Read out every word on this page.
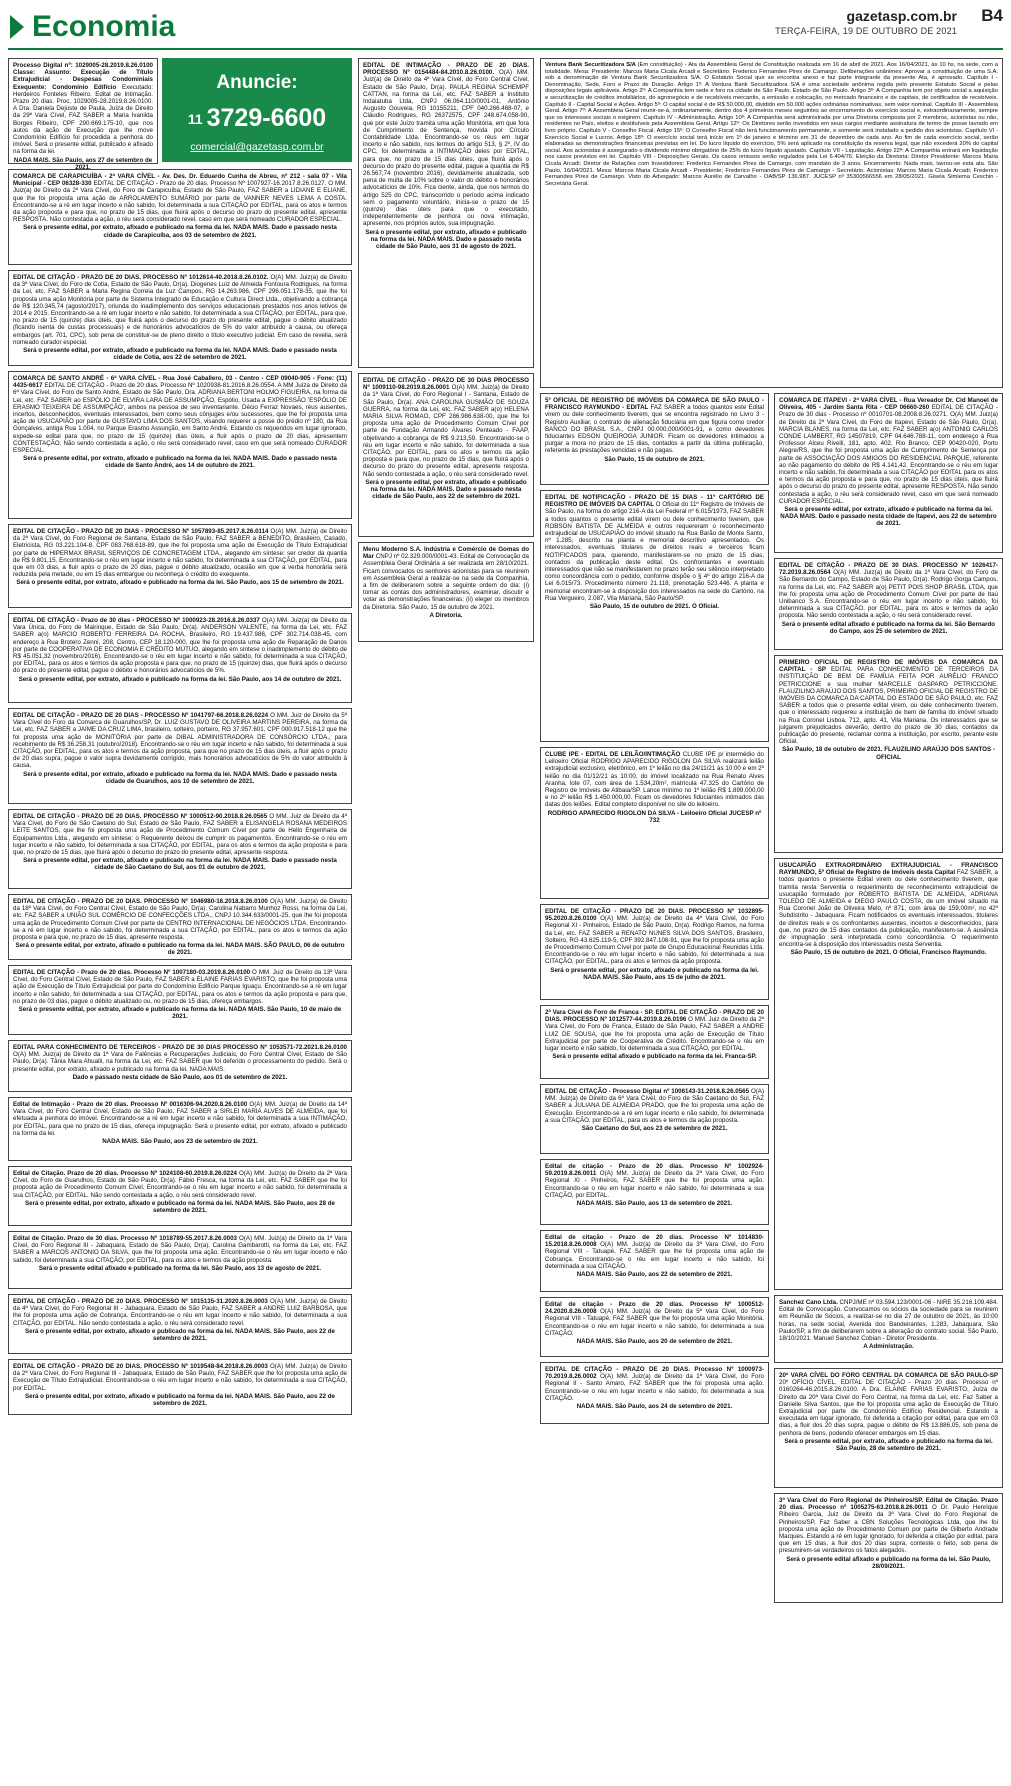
Economia	gazetasp.com.br
TERÇA-FEIRA, 19 DE OUTUBRO DE 2021
B4
Processo Digital nº: 1029005-28.2019.8.26.0100 Classe: Assunto: Execução de Título Extrajudicial - Despesas Condominiais Exequente: Condomínio Edifício Executado: Herdeiros Fonteles Ribeiro. Edital de Intimação. Prazo 20 dias. Proc. 1029005-28.2019.8.26.0100. A Dra. Daniela Dejuste de Paula, Juíza de Direito da 29ª Vara Cível, FAZ SABER a Maria Ivanilda Borges Ribeiro, CPF 290.669.175-10, que nos autos da ação de Execução que lhe move Condomínio Edifício foi procedida a penhora do imóvel. Será o presente edital, publicado e afixado na forma da lei.
NADA MAIS. São Paulo, aos 27 de setembro de 2021.
Anuncie:
11 3729-6600
comercial@gazetasp.com.br
COMARCA DE CARAPICUÍBA - 2ª VARA CÍVEL - Av. Des. Dr. Eduardo Cunha de Abreu, nº 212 - sala 07 - Vila Municipal - CEP 06328-330 EDITAL DE CITAÇÃO - Prazo de 20 dias. Processo Nº 1007927-16.2017.8.26.0127. O MM. Juiz(a) de Direito da 2ª Vara Cível, do Foro de Carapicuíba, Estado de São Paulo, FAZ SABER a LIDIANE E ELIANE, que lhe foi proposta uma ação de ARROLAMENTO SUMÁRIO por parte de VANNER NEVES LEMA A COSTA. Encontrando-se a ré em lugar incerto e não sabido, foi determinada a sua CITAÇÃO por EDITAL, para os atos e termos da ação proposta e para que, no prazo de 15 dias, que fluirá após o decurso do prazo do presente edital, apresente RESPOSTA. Não contestada a ação, o réu será considerado revel, caso em que será nomeado CURADOR ESPECIAL.
Será o presente edital, por extrato, afixado e publicado na forma da lei. NADA MAIS. Dado e passado nesta cidade de Carapicuíba, aos 03 de setembro de 2021.
EDITAL DE CITAÇÃO - PRAZO DE 20 DIAS. PROCESSO Nº 1012614-40.2018.8.26.0102. O(A) MM. Juiz(a) de Direito da 3ª Vara Cível, do Foro de Cotia, Estado de São Paulo, Dr(a). Diogenes Luiz de Almeida Fontoura Rodrigues, na forma da Lei, etc. FAZ SABER a Maria Regina Correia da Luz Campos, RG 14.263.986, CPF 296.051.178-35, que lhe foi proposta uma ação Monitória por parte de Sistema Integrado de Educação e Cultura Direct Ltda., objetivando a cobrança de R$ 120.345,74 (agosto/2017), oriunda do inadimplemento dos serviços educacionais prestados nos anos letivos de 2014 e 2015. Encontrando-se a ré em lugar incerto e não sabido, foi determinada a sua CITAÇÃO, por EDITAL, para que, no prazo de 15 (quinze) dias úteis, que fluirá após o decurso do prazo do presente edital, pague o débito atualizado (ficando isenta de custas processuais) e de honorários advocatícios de 5% do valor atribuído à causa, ou ofereça embargos (art. 701, CPC), sob pena de constituir-se de pleno direito o título executivo judicial. Em caso de revelia, será nomeado curador especial.
Será o presente edital, por extrato, afixado e publicado na forma da lei. NADA MAIS. Dado e passado nesta cidade de Cotia, aos 22 de setembro de 2021.
COMARCA DE SANTO ANDRÉ - 6ª VARA CÍVEL - Rua José Caballero, 03 - Centro - CEP 09040-905 - Fone: (11) 4435-6617 EDITAL DE CITAÇÃO - Prazo de 20 dias. Processo Nº 1020938-81.2016.8.26.0554. A MM Juíza de Direito da 6ª Vara Cível, do Foro de Santo André, Estado de São Paulo, Dra. ADRIANA BERTONI HOLMO FIGUEIRA, na forma da Lei, etc. FAZ SABER ao ESPÓLIO DE ELVIRA LARA DE ASSUMPÇÃO, Espólio, Usada a EXPRESSÃO 'ESPÓLIO DE ERASMO TEIXEIRA DE ASSUMPÇÃO', ambos na pessoa de seu inventariante. Décio Ferraz Novaes, réus ausentes, incertos, desconhecidos, eventuais interessados, bem como seus cônjuges e/ou sucessores, que lhe foi proposta uma ação de USUCAPIÃO por parte de GUSTAVO LIMA DOS SANTOS, visando requerer a posse do prédio nº 180, da Rua Gonçalves, antiga Rua 1.004, no Parque Erasmo Assunção, em Santo André. Estando os requeridos em lugar ignorado, expede-se edital para que, no prazo de 15 (quinze) dias úteis, a fluir após o prazo de 20 dias, apresentem CONTESTAÇÃO. Não sendo contestada a ação, o réu será considerado revel, caso em que será nomeado CURADOR ESPECIAL.
Será o presente edital, por extrato, afixado e publicado na forma da lei. NADA MAIS. Dado e passado nesta cidade de Santo André, aos 14 de outubro de 2021.
EDITAL DE CITAÇÃO - PRAZO DE 20 DIAS - PROCESSO Nº 1057893-85.2017.8.26.0114 O(A) MM. Juiz(a) de Direito da 2ª Vara Cível, do Foro Regional de Santana, Estado de São Paulo, FAZ SABER a BENEDITO, Brasileiro, Casado, Eletricista, RG 03.221.104-8, CPF 083.768.618-89, que lhe foi proposta uma ação de Execução de Título Extrajudicial por parte de HIPERMAX BRASIL SERVIÇOS DE CONCRETAGEM LTDA., alegando em síntese: ser credor da quantia de R$ 9.801,15. Encontrando-se o réu em lugar incerto e não sabido, foi determinada a sua CITAÇÃO, por EDITAL, para que em 03 dias, a fluir após o prazo de 20 dias, pague o débito atualizado, ocasião em que a verba honorária será reduzida pela metade, ou em 15 dias embargue ou reconheça o crédito do exequente.
Será o presente edital, por extrato, afixado e publicado na forma da lei. São Paulo, aos 15 de setembro de 2021.
EDITAL DE CITAÇÃO - Prazo de 30 dias - PROCESSO Nº 1000923-28.2016.8.26.0337 O(A) MM. Juiz(a) de Direito da Vara Única, do Foro de Mairinque, Estado de São Paulo, Dr(a). ANDERSON VALENTE, na forma da Lei, etc. FAZ SABER a(o) MARCIO ROBERTO FERREIRA DA ROCHA, Brasileiro, RG 19.437.986, CPF 302.714.038-45, com endereço à Rua Brotero Zenni, 208, Centro, CEP 18.120-000, que lhe foi proposta uma ação de Reparação de Danos por parte de COOPERATIVA DE ECONOMIA E CRÉDITO MÚTUO, alegando em síntese o inadimplemento do débito de R$ 45.051,32 (novembro/2016). Encontrando-se o réu em lugar incerto e não sabido, foi determinada a sua CITAÇÃO, por EDITAL, para os atos e termos da ação proposta e para que, no prazo de 15 (quinze) dias, que fluirá após o decurso do prazo do presente edital, pague o débito e honorários advocatícios de 5%.
Será o presente edital, por extrato, afixado e publicado na forma da lei. São Paulo, aos 14 de outubro de 2021.
EDITAL DE CITAÇÃO - PRAZO DE 20 DIAS - PROCESSO Nº 1041797-66.2018.8.26.0224 O MM. Juiz de Direito da 5ª Vara Cível do Foro da Comarca de Guarulhos/SP, Dr. LUIZ GUSTAVO DE OLIVEIRA MARTINS PEREIRA, na forma da Lei, etc. FAZ SABER a JAIME DA CRUZ LIMA, brasileiro, solteiro, porteiro, RG 37.957.601, CPF 000.917.518-12 que lhe foi proposta uma ação de MONITÓRIA por parte de DIBAL ADMINISTRADORA DE CONSÓRCIO LTDA., para recebimento de R$ 36.258,31 (outubro/2018). Encontrando-se o réu em lugar incerto e não sabido, foi determinada a sua CITAÇÃO, por EDITAL, para os atos e termos da ação proposta, para que no prazo de 15 dias úteis, a fluir após o prazo de 20 dias supra, pague o valor supra devidamente corrigido, mais honorários advocatícios de 5% do valor atribuído à causa.
Será o presente edital, por extrato, afixado e publicado na forma da lei. NADA MAIS. Dado e passado nesta cidade de Guarulhos, aos 10 de setembro de 2021.
EDITAL DE CITAÇÃO - PRAZO DE 20 DIAS. PROCESSO Nº 1000512-90.2018.8.26.0565 O MM. Juiz de Direito da 4ª Vara Cível, do Foro de São Caetano do Sul, Estado de São Paulo, FAZ SABER a ELISANGELA ROSANA MEDEIROS LEITE SANTOS, que lhe foi proposta uma ação de Procedimento Comum Cível por parte de Hello Engenharia de Equipamentos Ltda., alegando em síntese: o Requerente deixou de cumprir os pagamentos. Encontrando-se o réu em lugar incerto e não sabido, foi determinada a sua CITAÇÃO, por EDITAL, para os atos e termos da ação proposta e para que, no prazo de 15 dias, que fluirá após o decurso do prazo do presente edital, apresente resposta.
Será o presente edital, por extrato, afixado e publicado na forma da lei. NADA MAIS. Dado e passado nesta cidade de São Caetano do Sul, aos 01 de outubro de 2021.
EDITAL DE CITAÇÃO - PRAZO DE 20 DIAS. PROCESSO Nº 1046980-16.2018.8.26.0100 O(A) MM. Juiz(a) de Direito da 18ª Vara Cível, do Foro Central Cível, Estado de São Paulo, Dr(a). Carolina Nabarro Munhoz Rossi, na forma da Lei, etc. FAZ SABER a UNIÃO SUL COMÉRCIO DE CONFECÇÕES LTDA., CNPJ 10.344.633/0001-25, que lhe foi proposta uma ação de Procedimento Comum Cível por parte de CENTRO INTERNACIONAL DE NEGÓCIOS LTDA. Encontrando-se a ré em lugar incerto e não sabido, foi determinada a sua CITAÇÃO, por EDITAL, para os atos e termos da ação proposta e para que, no prazo de 15 dias, apresente resposta.
Será o presente edital, por extrato, afixado e publicado na forma da lei. NADA MAIS. SÃO PAULO, 06 de outubro de 2021.
EDITAL DE CITAÇÃO - Prazo de 20 dias. Processo Nº 1007180-03.2019.8.26.0100 O MM. Juiz de Direito da 13ª Vara Cível, do Foro Central Cível, Estado de São Paulo, FAZ SABER a ELAINE FARIAS EVARISTO, que lhe foi proposta uma ação de Execução de Título Extrajudicial por parte do Condomínio Edifício Parque Iguaçu. Encontrando-se a ré em lugar incerto e não sabido, foi determinada a sua CITAÇÃO, por EDITAL, para os atos e termos da ação proposta e para que, no prazo de 03 dias, pague o débito atualizado ou, no prazo de 15 dias, ofereça embargos.
Será o presente edital, por extrato, afixado e publicado na forma da lei. NADA MAIS. São Paulo, 10 de maio de 2021.
EDITAL PARA CONHECIMENTO DE TERCEIROS - PRAZO DE 30 DIAS PROCESSO Nº 1053571-72.2021.8.26.0100 O(A) MM. Juiz(a) de Direito da 1ª Vara de Falências e Recuperações Judiciais, do Foro Central Cível, Estado de São Paulo, Dr(a). Tânia Mara Ahualli, na forma da Lei, etc. FAZ SABER que foi deferido o processamento do pedido. Será o presente edital, por extrato, afixado e publicado na forma da lei. NADA MAIS.
Dado e passado nesta cidade de São Paulo, aos 01 de setembro de 2021.
Edital de Intimação - Prazo de 20 dias. Processo Nº 0016306-94.2020.8.26.0100 O(A) MM. Juiz(a) de Direito da 14ª Vara Cível, do Foro Central Cível, Estado de São Paulo, FAZ SABER a SIRLEI MARIA ALVES DE ALMEIDA, que foi efetuada a penhora do imóvel. Encontrando-se a ré em lugar incerto e não sabido, foi determinada a sua INTIMAÇÃO, por EDITAL, para que no prazo de 15 dias, ofereça impugnação. Será o presente edital, por extrato, afixado e publicado na forma da lei.
NADA MAIS. São Paulo, aos 23 de setembro de 2021.
Edital de Citação. Prazo de 20 dias. Processo Nº 1024108-60.2019.8.26.0224 O(A) MM. Juiz(a) de Direito da 2ª Vara Cível, do Foro de Guarulhos, Estado de São Paulo, Dr(a). Fábio Fresca, na forma da Lei, etc. FAZ SABER que lhe foi proposta ação de Procedimento Comum Cível. Encontrando-se o réu em lugar incerto e não sabido, foi determinada a sua CITAÇÃO, por EDITAL. Não sendo contestada a ação, o réu será considerado revel.
Será o presente edital, por extrato, afixado e publicado na forma da lei. NADA MAIS. São Paulo, aos 28 de setembro de 2021.
Edital de Citação. Prazo de 30 dias. Processo Nº 1018789-55.2017.8.26.0003 O(A) MM. Juiz(a) de Direito da 1ª Vara Cível, do Foro Regional III - Jabaquara, Estado de São Paulo, Dr(a). Carolina Gambarotti, na forma da Lei, etc. FAZ SABER a MARCOS ANTONIO DA SILVA, que lhe foi proposta uma ação. Encontrando-se o réu em lugar incerto e não sabido, foi determinada a sua CITAÇÃO, por EDITAL, para os atos e termos da ação proposta.
Será o presente edital afixado e publicado na forma da lei. São Paulo, aos 13 de agosto de 2021.
EDITAL DE CITAÇÃO - PRAZO DE 20 DIAS. PROCESSO Nº 1015135-31.2020.8.26.0003 O(A) MM. Juiz(a) de Direito da 4ª Vara Cível, do Foro Regional III - Jabaquara, Estado de São Paulo, FAZ SABER a ANDRE LUIZ BARBOSA, que lhe foi proposta uma ação de Cobrança. Encontrando-se o réu em lugar incerto e não sabido, foi determinada a sua CITAÇÃO, por EDITAL. Não sendo contestada a ação, o réu será considerado revel.
Será o presente edital, por extrato, afixado e publicado na forma da lei. NADA MAIS. São Paulo, aos 22 de setembro de 2021.
EDITAL DE CITAÇÃO - PRAZO DE 20 DIAS. PROCESSO Nº 1019548-84.2018.8.26.0003 O(A) MM. Juiz(a) de Direito da 2ª Vara Cível, do Foro Regional III - Jabaquara, Estado de São Paulo, FAZ SABER que lhe foi proposta uma ação de Execução de Título Extrajudicial. Encontrando-se o réu em lugar incerto e não sabido, foi determinada a sua CITAÇÃO, por EDITAL.
Será o presente edital, por extrato, afixado e publicado na forma da lei. NADA MAIS. São Paulo, aos 22 de setembro de 2021.
EDITAL DE INTIMAÇÃO - PRAZO DE 20 DIAS. PROCESSO Nº 0154484-84.2010.8.26.0100. O(A) MM. Juiz(a) de Direito da 4ª Vara Cível, do Foro Central Cível, Estado de São Paulo, Dr(a). PAULA REGINA SCHEMPF CATTAN, na forma da Lei, etc. FAZ SABER a Instituto Indaiatuba Ltda, CNPJ 06.064.110/0001-01, Antônio Augusto Gouveia, RG 10155211, CPF 040.266.468-07, e Cláudio Rodrigues, RG 26372575, CPF 248.674.058-90, que por este Juízo tramita uma ação Monitória, em que fora de Cumprimento de Sentença, movida por Círculo Contabilidade Ltda. Encontrando-se os réus em lugar incerto e não sabido, nos termos do artigo 513, § 2º, IV do CPC, foi determinada a INTIMAÇÃO deles por EDITAL, para que, no prazo de 15 dias úteis, que fluirá após o decurso do prazo do presente edital, pague a quantia de R$ 26.567,74 (novembro 2016), devidamente atualizada, sob pena de multa de 10% sobre o valor do débito e honorários advocatícios de 10%. Fica ciente, ainda, que nos termos do artigo 525 do CPC, transcorrido o período acima indicado sem o pagamento voluntário, inicia-se o prazo de 15 (quinze) dias úteis para que o executado, independentemente de penhora ou nova intimação, apresente, nos próprios autos, sua impugnação.
Será o presente edital, por extrato, afixado e publicado na forma da lei. NADA MAIS. Dado e passado nesta cidade de São Paulo, aos 31 de agosto de 2021.
EDITAL DE CITAÇÃO - PRAZO DE 30 DIAS PROCESSO Nº 1009110-98.2019.8.26.0001 O(A) MM. Juiz(a) de Direito da 1ª Vara Cível, do Foro Regional I - Santana, Estado de São Paulo, Dr(a). ANA CAROLINA GUSMÃO DE SOUZA GUERRA, na forma da Lei, etc. FAZ SABER a(o) HELENA MARIA SILVA ROMAO, CPF 286.986.638-00, que lhe foi proposta uma ação de Procedimento Comum Cível por parte de Fundação Armando Álvares Penteado - FAAP, objetivando a cobrança de R$ 9.213,59. Encontrando-se o réu em lugar incerto e não sabido, foi determinada a sua CITAÇÃO, por EDITAL, para os atos e termos da ação proposta e para que, no prazo de 15 dias, que fluirá após o decurso do prazo do presente edital, apresente resposta. Não sendo contestada a ação, o réu será considerado revel.
Será o presente edital, por extrato, afixado e publicado na forma da lei. NADA MAIS. Dado e passado nesta cidade de São Paulo, aos 22 de setembro de 2021.
Menu Moderno S.A. Indústria e Comércio de Gomas do Mar CNPJ nº 02.329.000/0001-43. Edital de Convocação da Assembleia Geral Ordinária a ser realizada em 28/10/2021. Ficam convocados os senhores acionistas para se reunirem em Assembleia Geral a realizar-se na sede da Companhia, a fim de deliberarem sobre a seguinte ordem do dia: (i) tomar as contas dos administradores, examinar, discutir e votar as demonstrações financeiras; (ii) eleger os membros da Diretoria. São Paulo, 15 de outubro de 2021.
A Diretoria.
Ventura Bank Securitizadora S/A (Em constituição) - Ata da Assembleia Geral de Constituição realizada em 16 de abril de 2021. Aos 16/04/2021, às 10 hs, na sede, com a totalidade. Mesa: Presidente: Marcos Maria Cicala Arcadi e Secretário: Frederico Fernandes Pires de Camargo. Deliberações unânimes: Aprovar a constituição de uma S.A. sob a denominação de Ventura Bank Securitizadora S/A. O Estatuto Social que se encontra anexo e faz parte integrante da presente Ata, é aprovado. Capítulo I - Denominação, Sede, Foro e Prazo de Duração. Artigo 1º: A Ventura Bank Securitizadora S/A é uma sociedade anônima regida pelo presente Estatuto Social e pelas disposições legais aplicáveis. Artigo 2º: A Companhia tem sede e foro na cidade de São Paulo, Estado de São Paulo. Artigo 3º: A Companhia tem por objeto social a aquisição e securitização de créditos imobiliários, do agronegócio e de recebíveis mercantis, a emissão e colocação, no mercado financeiro e de capitais, de certificados de recebíveis. Capítulo II - Capital Social e Ações. Artigo 5º: O capital social é de R$ 50.000,00, dividido em 50.000 ações ordinárias nominativas, sem valor nominal. Capítulo III - Assembleia Geral. Artigo 7º: A Assembleia Geral reunir-se-á, ordinariamente, dentro dos 4 primeiros meses seguintes ao encerramento do exercício social e, extraordinariamente, sempre que os interesses sociais o exigirem. Capítulo IV - Administração. Artigo 10º: A Companhia será administrada por uma Diretoria composta por 2 membros, acionistas ou não, residentes no País, eleitos e destituíveis pela Assembleia Geral. Artigo 12º: Os Diretores serão investidos em seus cargos mediante assinatura de termo de posse lavrado em livro próprio. Capítulo V - Conselho Fiscal. Artigo 15º: O Conselho Fiscal não terá funcionamento permanente, e somente será instalado a pedido dos acionistas. Capítulo VI - Exercício Social e Lucros. Artigo 18º: O exercício social terá início em 1º de janeiro e término em 31 de dezembro de cada ano. Ao fim de cada exercício social, serão elaboradas as demonstrações financeiras previstas em lei. Do lucro líquido do exercício, 5% será aplicado na constituição da reserva legal, que não excederá 20% do capital social. Aos acionistas é assegurado o dividendo mínimo obrigatório de 25% do lucro líquido ajustado. Capítulo VII - Liquidação. Artigo 22º: A Companhia entrará em liquidação nos casos previstos em lei. Capítulo VIII - Disposições Gerais. Os casos omissos serão regulados pela Lei 6.404/76. Eleição da Diretoria: Diretor Presidente: Marcos Maria Cicala Arcadi; Diretor de Relações com Investidores: Frederico Fernandes Pires de Camargo, com mandato de 3 anos. Encerramento: Nada mais, lavrou-se esta ata. São Paulo, 16/04/2021. Mesa: Marcos Maria Cicala Arcadi - Presidente; Frederico Fernandes Pires de Camargo - Secretário. Acionistas: Marcos Maria Cicala Arcadi; Frederico Fernandes Pires de Camargo. Visto do Advogado: Marcos Aurélio de Carvalho - OAB/SP 136.987. JUCESP nº 35300566556 em 28/05/2021. Gisela Simiema Ceschin - Secretária Geral.
5º OFICIAL DE REGISTRO DE IMÓVEIS DA COMARCA DE SÃO PAULO - FRANCISCO RAYMUNDO - EDITAL FAZ SABER a todos quantos este Edital virem ou dele conhecimento tiverem, que se encontra registrado no Livro 3 - Registro Auxiliar, o contrato de alienação fiduciária em que figura como credor BANCO DO BRASIL S.A., CNPJ 00.000.000/0001-91, e como devedores fiduciantes EDSON QUEIROGA JUNIOR. Ficam os devedores intimados a purgar a mora no prazo de 15 dias, contados a partir da última publicação, referente às prestações vencidas e não pagas.
São Paulo, 15 de outubro de 2021.
EDITAL DE NOTIFICAÇÃO - PRAZO DE 15 DIAS - 11º CARTÓRIO DE REGISTRO DE IMÓVEIS DA CAPITAL O Oficial do 11º Registro de Imóveis de São Paulo, na forma do artigo 216-A da Lei Federal nº 6.015/1973, FAZ SABER a todos quantos o presente edital virem ou dele conhecimento tiverem, que ROBSON BATISTA DE ALMEIDA e outros requereram o reconhecimento extrajudicial de USUCAPIÃO do imóvel situado na Rua Barão de Monte Santo, nº 1.285, descrito na planta e memorial descritivo apresentados. Os interessados, eventuais titulares de direitos reais e terceiros ficam NOTIFICADOS para, querendo, manifestarem-se no prazo de 15 dias, contados da publicação deste edital. Os confrontantes e eventuais interessados que não se manifestarem no prazo terão seu silêncio interpretado como concordância com o pedido, conforme dispõe o § 4º do artigo 216-A da Lei 6.015/73. Procedimento número 21.118, prenotação 523.446. A planta e memorial encontram-se à disposição dos interessados na sede do Cartório, na Rua Vergueiro, 2.087, Vila Mariana, São Paulo/SP.
São Paulo, 15 de outubro de 2021. O Oficial.
CLUBE IPE - EDITAL DE LEILÃO/INTIMAÇÃO CLUBE IPE p/ intermédio do Leiloeiro Oficial RODRIGO APARECIDO RIGOLON DA SILVA realizará leilão extrajudicial exclusivo, eletrônico, em 1º leilão no dia 24/11/21 às 10:00 e em 2º leilão no dia 01/12/21 às 10:00, do imóvel localizado na Rua Renato Alves Aranha, lote 07, com área de 1.534,20m², matrícula 47.325 do Cartório de Registro de Imóveis de Atibaia/SP. Lance mínimo no 1º leilão R$ 1.899.000,00 e no 2º leilão R$ 1.450.000,00. Ficam os devedores fiduciantes intimados das datas dos leilões. Edital completo disponível no site do leiloeiro.
RODRIGO APARECIDO RIGOLON DA SILVA - Leiloeiro Oficial JUCESP nº 732
EDITAL DE CITAÇÃO - PRAZO DE 20 DIAS. PROCESSO Nº 1032895-95.2020.8.26.0100 O(A) MM. Juiz(a) de Direito da 4ª Vara Cível, do Foro Regional XI - Pinheiros, Estado de São Paulo, Dr(a). Rodrigo Ramos, na forma da Lei, etc. FAZ SABER a RENATO NUNES SILVA DOS SANTOS, Brasileiro, Solteiro, RG 43.625.119-5, CPF 392.847.108-91, que lhe foi proposta uma ação de Procedimento Comum Cível por parte de Grupo Educacional Reunidas Ltda. Encontrando-se o réu em lugar incerto e não sabido, foi determinada a sua CITAÇÃO, por EDITAL, para os atos e termos da ação proposta.
Será o presente edital, por extrato, afixado e publicado na forma da lei. NADA MAIS. São Paulo, aos 15 de julho de 2021.
2ª Vara Cível do Foro de Franca - SP. EDITAL DE CITAÇÃO - PRAZO DE 20 DIAS. PROCESSO Nº 1012577-44.2019.8.26.0196 O MM. Juiz de Direito da 2ª Vara Cível, do Foro de Franca, Estado de São Paulo, FAZ SABER a ANDRE LUIZ DE SOUSA, que lhe foi proposta uma ação de Execução de Título Extrajudicial por parte de Cooperativa de Crédito. Encontrando-se o réu em lugar incerto e não sabido, foi determinada a sua CITAÇÃO, por EDITAL.
Será o presente edital afixado e publicado na forma da lei. Franca-SP.
EDITAL DE CITAÇÃO - Processo Digital nº 1006143-31.2018.8.26.0565 O(A) MM. Juiz(a) de Direito da 6ª Vara Cível, do Foro de São Caetano do Sul, FAZ SABER a JULIANA DE ALMEIDA PRADO, que lhe foi proposta uma ação de Execução. Encontrando-se a ré em lugar incerto e não sabido, foi determinada a sua CITAÇÃO, por EDITAL, para os atos e termos da ação proposta.
São Caetano do Sul, aos 23 de setembro de 2021.
Edital de citação - Prazo de 20 dias. Processo Nº 1002924-59.2019.8.26.0011 O(A) MM. Juiz(a) de Direito da 2ª Vara Cível, do Foro Regional XI - Pinheiros, FAZ SABER que lhe foi proposta uma ação. Encontrando-se o réu em lugar incerto e não sabido, foi determinada a sua CITAÇÃO, por EDITAL.
NADA MAIS. São Paulo, aos 13 de setembro de 2021.
Edital de citação - Prazo de 20 dias. Processo Nº 1014830-15.2018.8.26.0008 O(A) MM. Juiz(a) de Direito da 3ª Vara Cível, do Foro Regional VIII - Tatuapé, FAZ SABER que lhe foi proposta uma ação de Cobrança. Encontrando-se o réu em lugar incerto e não sabido, foi determinada a sua CITAÇÃO.
NADA MAIS. São Paulo, aos 22 de setembro de 2021.
Edital de citação - Prazo de 20 dias. Processo Nº 1000512-24.2020.8.26.0008 O(A) MM. Juiz(a) de Direito da 5ª Vara Cível, do Foro Regional VIII - Tatuapé, FAZ SABER que lhe foi proposta uma ação Monitória. Encontrando-se o réu em lugar incerto e não sabido, foi determinada a sua CITAÇÃO.
NADA MAIS. São Paulo, aos 20 de setembro de 2021.
EDITAL DE CITAÇÃO - PRAZO DE 20 DIAS. Processo Nº 1000973-70.2019.8.26.0002 O(A) MM. Juiz(a) de Direito da 1ª Vara Cível, do Foro Regional II - Santo Amaro, FAZ SABER que lhe foi proposta uma ação. Encontrando-se o réu em lugar incerto e não sabido, foi determinada a sua CITAÇÃO.
NADA MAIS. São Paulo, aos 24 de setembro de 2021.
COMARCA DE ITAPEVI - 2ª VARA CÍVEL - Rua Vereador Dr. Cid Manoel de Oliveira, 405 - Jardim Santa Rita - CEP 06660-260 EDITAL DE CITAÇÃO - Prazo de 30 dias - Processo nº 0010701-08.2008.8.26.0271. O(A) MM. Juiz(a) de Direito da 2ª Vara Cível, do Foro de Itapevi, Estado de São Paulo, Dr(a). MARCIA BLANES, na forma da Lei, etc. FAZ SABER a(o) ANTONIO CARLOS CONDE LAMBERT, RG 14507819, CPF 04.646.788-11, com endereço à Rua Professor Alceu Rivelli, 181, apto. 402, Rio Branco, CEP 90420-020, Porto Alegre/RS, que lhe foi proposta uma ação de Cumprimento de Sentença por parte de ASSOCIAÇÃO DOS AMIGOS DO RESIDENCIAL PARQUE, referente ao não pagamento do débito de R$ 4.141,42. Encontrando-se o réu em lugar incerto e não sabido, foi determinada a sua CITAÇÃO por EDITAL para os atos e termos da ação proposta e para que, no prazo de 15 dias úteis, que fluirá após o decurso do prazo do presente edital, apresente RESPOSTA. Não sendo contestada a ação, o réu será considerado revel, caso em que será nomeado CURADOR ESPECIAL.
Será o presente edital, por extrato, afixado e publicado na forma da lei. NADA MAIS. Dado e passado nesta cidade de Itapevi, aos 22 de setembro de 2021.
EDITAL DE CITAÇÃO - PRAZO DE 30 DIAS. PROCESSO Nº 1026417-72.2019.8.26.0564 O(A) MM. Juiz(a) de Direito da 1ª Vara Cível, do Foro de São Bernardo do Campo, Estado de São Paulo, Dr(a). Rodrigo Gorga Campos, na forma da Lei, etc. FAZ SABER a(o) PETIT POIS SHOP BRASIL LTDA, que lhe foi proposta uma ação de Procedimento Comum Cível por parte de Itaú Unibanco S.A. Encontrando-se o réu em lugar incerto e não sabido, foi determinada a sua CITAÇÃO, por EDITAL, para os atos e termos da ação proposta. Não sendo contestada a ação, o réu será considerado revel.
Será o presente edital afixado e publicado na forma da lei. São Bernardo do Campo, aos 25 de setembro de 2021.
PRIMEIRO OFICIAL DE REGISTRO DE IMÓVEIS DA COMARCA DA CAPITAL - SP EDITAL PARA CONHECIMENTO DE TERCEIROS DA INSTITUIÇÃO DE BEM DE FAMÍLIA FEITA POR AURÉLIO FRANCO PETRICCIONE e sua mulher MARCELLE GASPARO PETRICCIONE. FLAUZILINO ARAÚJO DOS SANTOS, PRIMEIRO OFICIAL DE REGISTRO DE IMÓVEIS DA COMARCA DA CAPITAL DO ESTADO DE SÃO PAULO, etc. FAZ SABER a todos que o presente edital virem, ou dele conhecimento tiverem, que o interessado requereu a instituição de bem de família do imóvel situado na Rua Coronel Lisboa, 712, apto. 41, Vila Mariana. Os interessados que se julgarem prejudicados deverão, dentro do prazo de 30 dias, contados da publicação do presente, reclamar contra a instituição, por escrito, perante este Oficial.
São Paulo, 18 de outubro de 2021. FLAUZILINO ARAÚJO DOS SANTOS - OFICIAL
USUCAPIÃO EXTRAORDINÁRIO EXTRAJUDICIAL - FRANCISCO RAYMUNDO, 5º Oficial de Registro de Imóveis desta Capital FAZ SABER, a todos quantos o presente Edital virem ou dele conhecimento tiverem, que tramita nesta Serventia o requerimento de reconhecimento extrajudicial de usucapião formulado por ROBERTO BATISTA DE ALMEIDA, ADRIANA TOLEDO DE ALMEIDA e DIEGO PAULO COSTA, de um imóvel situado na Rua Coronel João de Oliveira Melo, nº 871, com área de 159,00m², no 42º Subdistrito - Jabaquara. Ficam notificados os eventuais interessados, titulares de direitos reais e os confrontantes ausentes, incertos e desconhecidos, para que, no prazo de 15 dias contados da publicação, manifestem-se. A ausência de impugnação será interpretada como concordância. O requerimento encontra-se à disposição dos interessados nesta Serventia.
São Paulo, 15 de outubro de 2021. O Oficial, Francisco Raymundo.
Sanchez Cano Ltda. CNPJ/ME nº 03.594.123/0001-06 - NIRE 35.216.109.484. Edital de Convocação. Convocamos os sócios da sociedade para se reunirem em Reunião de Sócios, a realizar-se no dia 27 de outubro de 2021, às 10:00 horas, na sede social, Avenida dos Bandeirantes, 1.283, Jabaquara, São Paulo/SP, a fim de deliberarem sobre a alteração do contrato social. São Paulo, 18/10/2021. Manuel Sanchez Cobian - Diretor Presidente.
A Administração.
20ª VARA CÍVEL DO FORO CENTRAL DA COMARCA DE SÃO PAULO-SP 20º OFÍCIO CÍVEL. EDITAL DE CITAÇÃO - Prazo 20 dias. Processo nº 0160264-46.2015.8.26.0100. A Dra. ELAINE FARIAS EVARISTO, Juíza de Direito da 20ª Vara Cível do Foro Central, na forma da Lei, etc. Faz Saber a Danielle Silva Santos, que lhe foi proposta uma ação de Execução de Título Extrajudicial por parte de Condomínio Edifício Residencial. Estando a executada em lugar ignorado, foi deferida a citação por edital, para que em 03 dias, a fluir dos 20 dias supra, pague o débito de R$ 13.886,05, sob pena de penhora de bens, podendo oferecer embargos em 15 dias.
Será o presente edital, por extrato, afixado e publicado na forma da lei. São Paulo, 28 de setembro de 2021.
3ª Vara Cível do Foro Regional de Pinheiros/SP. Edital de Citação. Prazo 20 dias. Processo nº 1005275-63.2018.8.26.0011 O Dr. Paulo Henrique Ribeiro Garcia, Juiz de Direito da 3ª Vara Cível do Foro Regional de Pinheiros/SP, Faz Saber a CBN Soluções Tecnológicas Ltda, que lhe foi proposta uma ação de Procedimento Comum por parte de Gilberto Andrade Marques. Estando a ré em lugar ignorado, foi deferida a citação por edital, para que em 15 dias, a fluir dos 20 dias supra, conteste o feito, sob pena de presumirem-se verdadeiros os fatos alegados.
Será o presente edital afixado e publicado na forma da lei. São Paulo, 28/09/2021.
